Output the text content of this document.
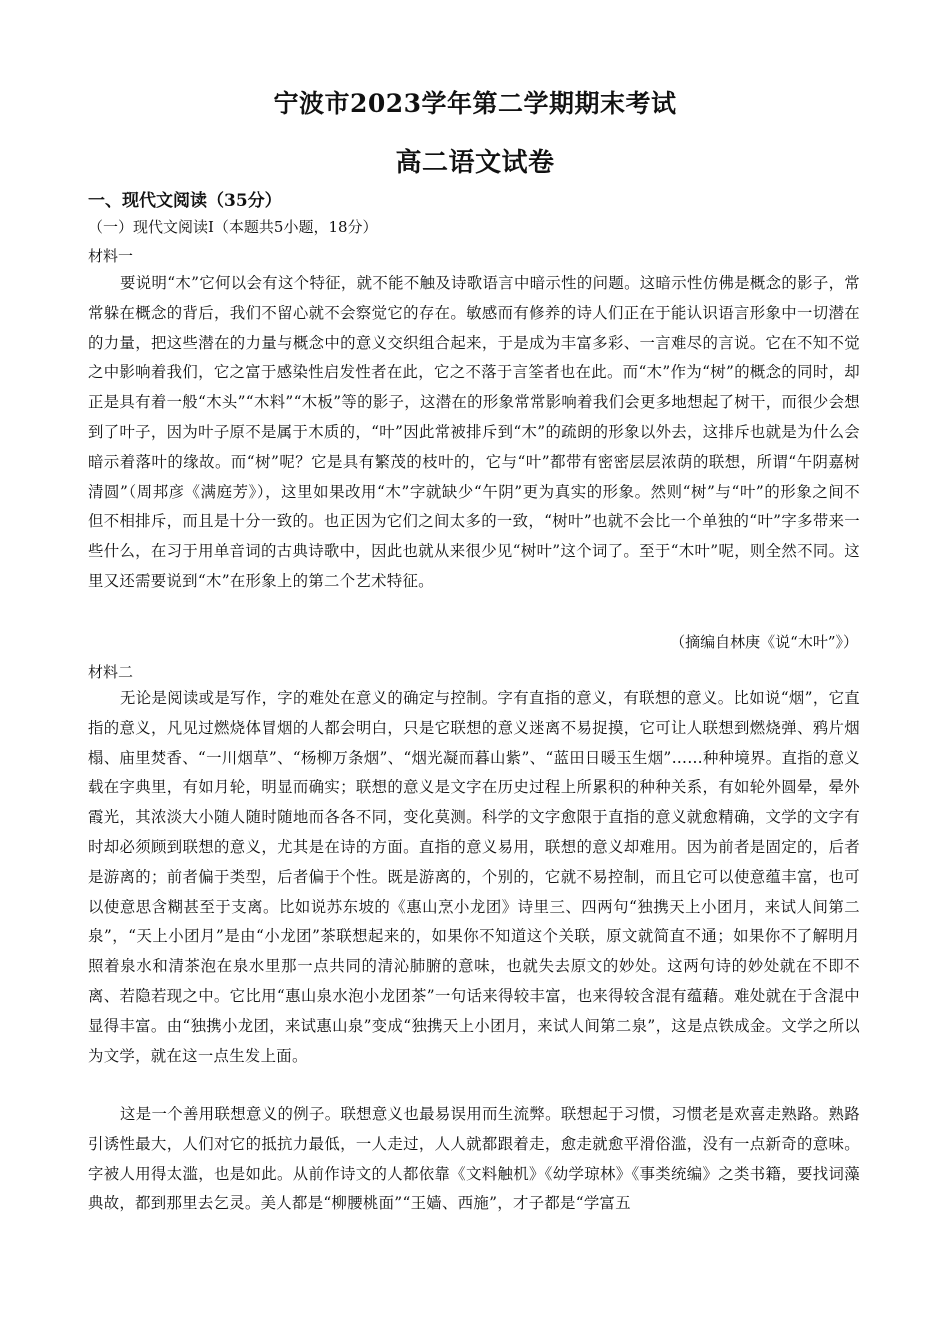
宁波市2023学年第二学期期末考试
高二语文试卷
一、现代文阅读（35分）
（一）现代文阅读Ⅰ（本题共5小题，18分）
材料一

要说明“木”它何以会有这个特征，就不能不触及诗歌语言中暗示性的问题。这暗示性仿佛是概念的影子，常常躲在概念的背后，我们不留心就不会察觉它的存在。敏感而有修养的诗人们正在于能认识语言形象中一切潜在的力量，把这些潜在的力量与概念中的意义交织组合起来，于是成为丰富多彩、一言难尽的言说。它在不知不觉之中影响着我们，它之富于感染性启发性者在此，它之不落于言筌者也在此。而“木”作为“树”的概念的同时，却正是具有着一般“木头”“木料”“木板”等的影子，这潜在的形象常常影响着我们会更多地想起了树干，而很少会想到了叶子，因为叶子原不是属于木质的，“叶”因此常被排斥到“木”的疏朗的形象以外去，这排斥也就是为什么会暗示着落叶的缘故。而“树”呢？它是具有繁茂的枝叶的，它与“叶”都带有密密层层浓荫的联想，所谓“午阴嘉树清圆”（周邦彦《满庭芳》），这里如果改用“木”字就缺少“午阴”更为真实的形象。然则“树”与“叶”的形象之间不但不相排斥，而且是十分一致的。也正因为它们之间太多的一致，“树叶”也就不会比一个单独的“叶”字多带来一些什么，在习于用单音词的古典诗歌中，因此也就从来很少见“树叶”这个词了。至于“木叶”呢，则全然不同。这里又还需要说到“木”在形象上的第二个艺术特征。

（摘编自林庚《说“木叶”》）
材料二

无论是阅读或是写作，字的难处在意义的确定与控制。字有直指的意义，有联想的意义。比如说“烟”，它直指的意义，凡见过燃烧体冒烟的人都会明白，只是它联想的意义迷离不易捉摸，它可让人联想到燃烧弹、鸦片烟榻、庙里焚香、“一川烟草”、“杨柳万条烟”、“烟光凝而暮山紫”、“蓝田日暖玉生烟”……种种境界。直指的意义载在字典里，有如月轮，明显而确实；联想的意义是文字在历史过程上所累积的种种关系，有如轮外圆晕，晕外霞光，其浓淡大小随人随时随地而各各不同，变化莫测。科学的文字愈限于直指的意义就愈精确，文学的文字有时却必须顾到联想的意义，尤其是在诗的方面。直指的意义易用，联想的意义却难用。因为前者是固定的，后者是游离的；前者偏于类型，后者偏于个性。既是游离的，个别的，它就不易控制，而且它可以使意蕴丰富，也可以使意思含糊甚至于支离。比如说苏东坡的《惠山烹小龙团》诗里三、四两句“独携天上小团月，来试人间第二泉”，“天上小团月”是由“小龙团”茶联想起来的，如果你不知道这个关联，原文就简直不通；如果你不了解明月照着泉水和清茶泡在泉水里那一点共同的清沁肺腑的意味，也就失去原文的妙处。这两句诗的妙处就在不即不离、若隐若现之中。它比用“惠山泉水泡小龙团茶”一句话来得较丰富，也来得较含混有蕴藉。难处就在于含混中显得丰富。由“独携小龙团，来试惠山泉”变成“独携天上小团月，来试人间第二泉”，这是点铁成金。文学之所以为文学，就在这一点生发上面。

这是一个善用联想意义的例子。联想意义也最易误用而生流弊。联想起于习惯，习惯老是欢喜走熟路。熟路引诱性最大，人们对它的抵抗力最低，一人走过，人人就都跟着走，愈走就愈平滑俗滥，没有一点新奇的意味。字被人用得太滥，也是如此。从前作诗文的人都依靠《文料触机》《幼学琼林》《事类统编》之类书籍，要找词藻典故，都到那里去乞灵。美人都是“柳腰桃面”“王嫱、西施”，才子都是“学富五
